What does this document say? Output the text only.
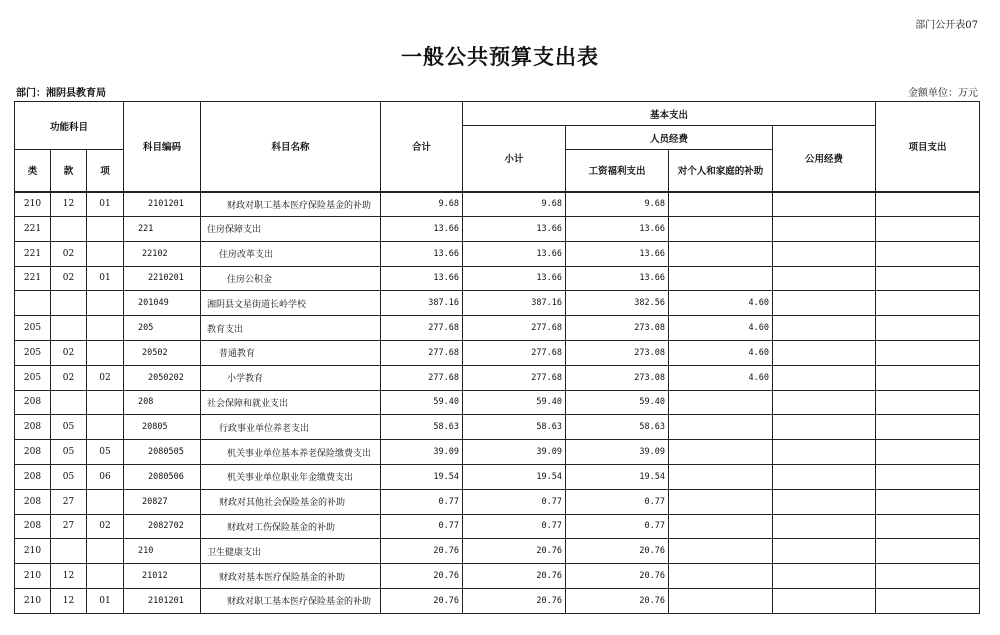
部门公开表07
一般公共预算支出表
部门：湘阴县教育局	金额单位：万元
功能科目			科目编码	科目名称	合计	基本支出				项目支出
						小计	人员经费		公用经费	
类	款	项					工资福利支出	对个人和家庭的补助		
210	12	01	2101201	财政对职工基本医疗保险基金的补助	9.68	9.68	9.68			
221			221	住房保障支出	13.66	13.66	13.66			
221	02		22102	住房改革支出	13.66	13.66	13.66			
221	02	01	2210201	住房公积金	13.66	13.66	13.66			
			201049	湘阴县文星街道长岭学校	387.16	387.16	382.56	4.60		
205			205	教育支出	277.68	277.68	273.08	4.60		
205	02		20502	普通教育	277.68	277.68	273.08	4.60		
205	02	02	2050202	小学教育	277.68	277.68	273.08	4.60		
208			208	社会保障和就业支出	59.40	59.40	59.40			
208	05		20805	行政事业单位养老支出	58.63	58.63	58.63			
208	05	05	2080505	机关事业单位基本养老保险缴费支出	39.09	39.09	39.09			
208	05	06	2080506	机关事业单位职业年金缴费支出	19.54	19.54	19.54			
208	27		20827	财政对其他社会保险基金的补助	0.77	0.77	0.77			
208	27	02	2082702	财政对工伤保险基金的补助	0.77	0.77	0.77			
210			210	卫生健康支出	20.76	20.76	20.76			
210	12		21012	财政对基本医疗保险基金的补助	20.76	20.76	20.76			
210	12	01	2101201	财政对职工基本医疗保险基金的补助	20.76	20.76	20.76			
